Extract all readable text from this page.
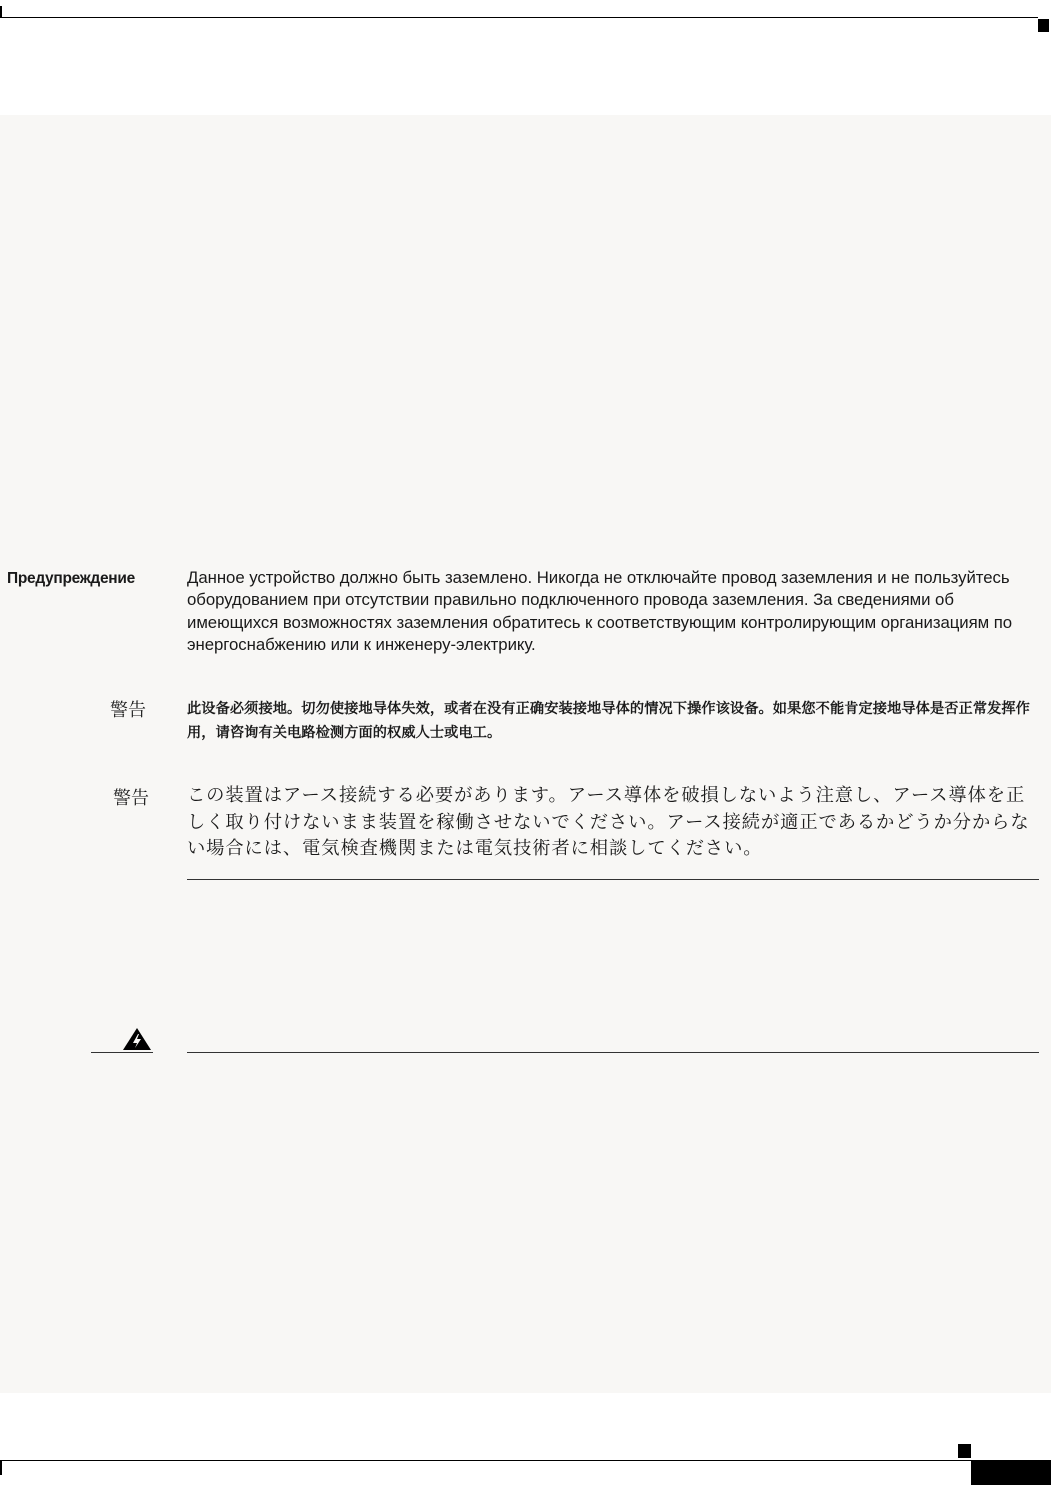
Предупреждение	Данное устройство должно быть заземлено. Никогда не отключайте провод заземления и не пользуйтесь оборудованием при отсутствии правильно подключенного провода заземления. За сведениями об имеющихся возможностях заземления обратитесь к соответствующим контролирующим организациям по энергоснабжению или к инженеру-электрику.
警告	此设备必须接地。切勿使接地导体失效，或者在没有正确安装接地导体的情况下操作该设备。如果您不能肯定接地导体是否正常发挥作用，请咨询有关电路检测方面的权威人士或电工。
警告 この装置はアース接続する必要があります。アース導体を破損しないよう注意し、アース導体を正しく取り付けないまま装置を稼働させないでください。アース接続が適正であるかどうか分からない場合には、電気検査機関または電気技術者に相談してください。
